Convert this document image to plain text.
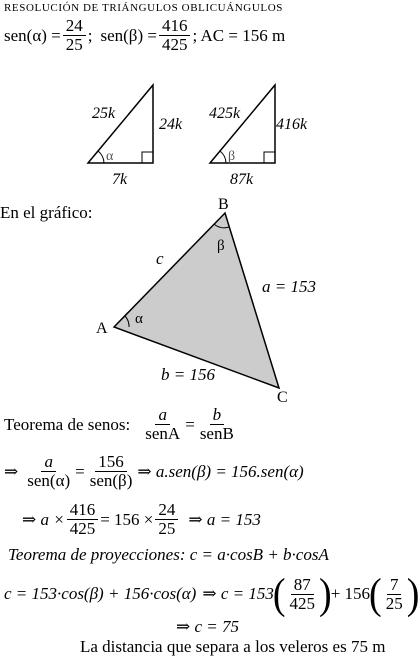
RESOLUCIÓN DE TRIÁNGULOS OBLICUÁNGULOS
$sen(\alpha) = \frac{24}{25}$ ; $sen(\beta) = \frac{416}{425}$ ; AC = 156 m
α
25k
24k
7k
β
425k
416k
87k
En el gráfico:
α
β
A
B
C
c
a = 153
b = 156
Teorema de senos: a
senA = b
senB
⇒ a
sen(α) = 156
sen(β) ⇒ a.sen(β) = 156.sen(α)
⇒ $a \times \frac{416}{425} = 156 \times \frac{24}{25}$ ⇒ a = 153
Teorema de proyecciones: c = a·cosB + b·cosA
c = 153·cos(β) + 156·cos(α) ⇒ c = 153 ( $\frac{87}{425}$ ) + 156 ( $\frac{7}{25}$ )
⇒ c = 75
La distancia que separa a los veleros es 75 m
